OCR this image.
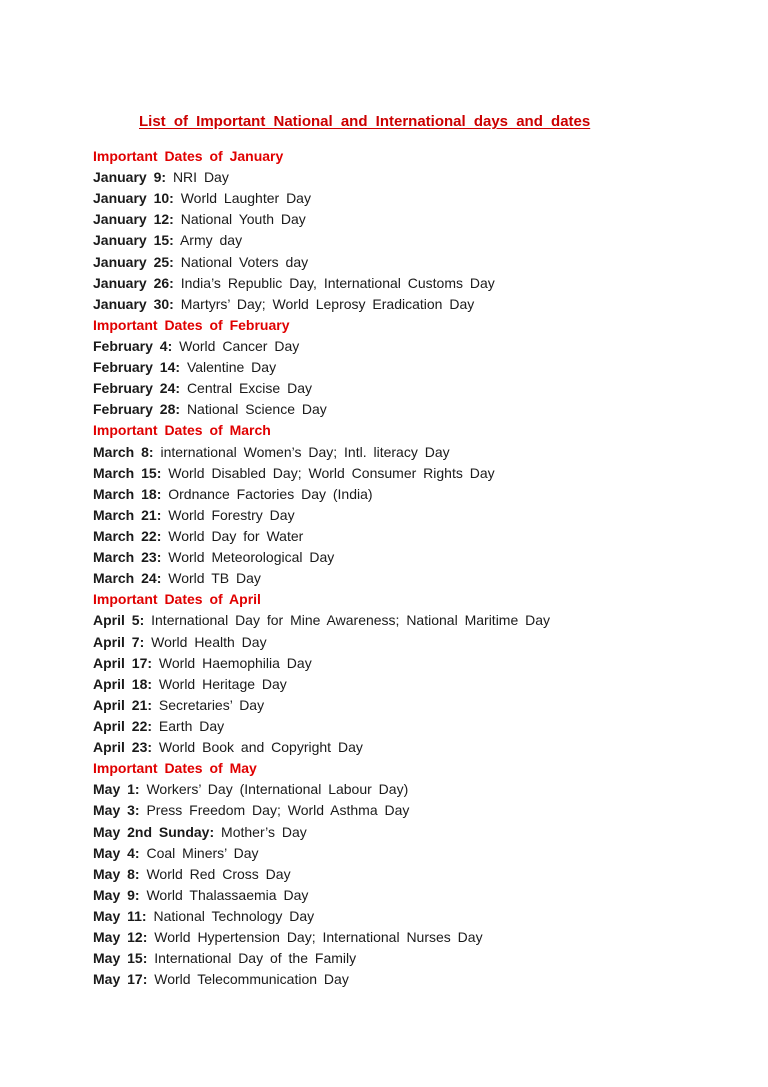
List of Important National and International days and dates
Important Dates of January
January 9: NRI Day
January 10: World Laughter Day
January 12: National Youth Day
January 15: Army day
January 25: National Voters day
January 26: India’s Republic Day, International Customs Day
January 30: Martyrs’ Day; World Leprosy Eradication Day
Important Dates of February
February 4: World Cancer Day
February 14: Valentine Day
February 24: Central Excise Day
February 28: National Science Day
Important Dates of March
March 8: international Women’s Day; Intl. literacy Day
March 15: World Disabled Day; World Consumer Rights Day
March 18: Ordnance Factories Day (India)
March 21: World Forestry Day
March 22: World Day for Water
March 23: World Meteorological Day
March 24: World TB Day
Important Dates of April
April 5: International Day for Mine Awareness; National Maritime Day
April 7: World Health Day
April 17: World Haemophilia Day
April 18: World Heritage Day
April 21: Secretaries’ Day
April 22: Earth Day
April 23: World Book and Copyright Day
Important Dates of May
May 1: Workers’ Day (International Labour Day)
May 3: Press Freedom Day; World Asthma Day
May 2nd Sunday: Mother’s Day
May 4: Coal Miners’ Day
May 8: World Red Cross Day
May 9: World Thalassaemia Day
May 11: National Technology Day
May 12: World Hypertension Day; International Nurses Day
May 15: International Day of the Family
May 17: World Telecommunication Day
